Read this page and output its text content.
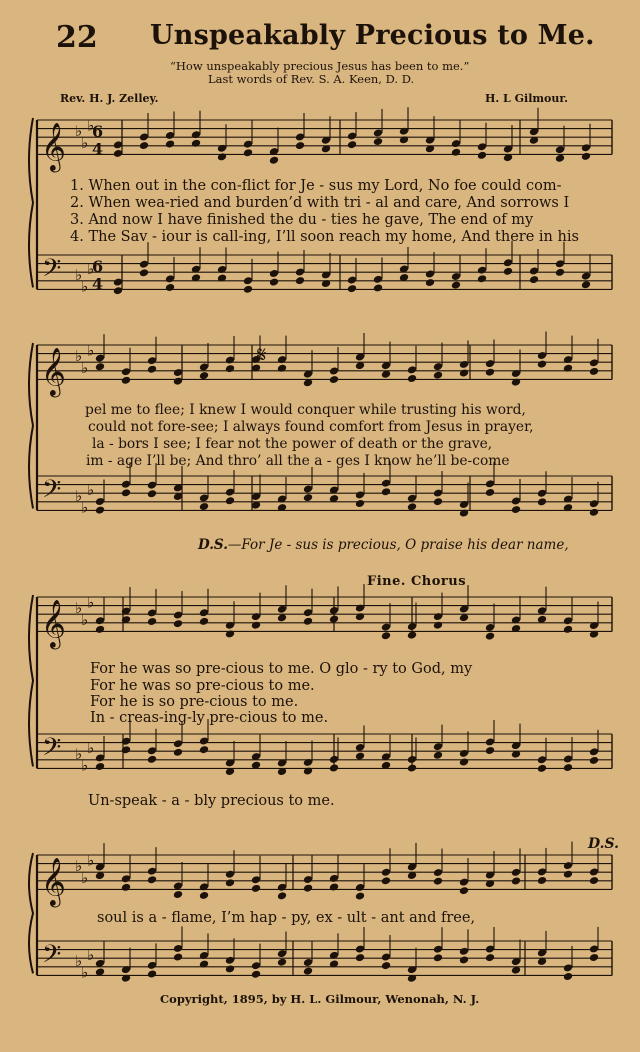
22 Unspeakably Precious to Me.
“How unspeakably precious Jesus has been to me.”
Last words of Rev. S. A. Keen, D. D.
Rev. H. J. Zelley.	H. L Gilmour.
𝄞
𝄢
♭
♭
♭
♭
♭
♭
6
4
6
4
𝄞
𝄢
♭
♭
♭
♭
♭
♭
𝄞
𝄢
♭
♭
♭
♭
♭
♭
𝄞
𝄢
♭
♭
♭
♭
♭
♭
𝄋
1. When out in the con-flict for Je - sus my Lord, No foe could com-
2. When wea-ried and burden’d with tri - al and care, And sorrows I
3. And now I have finished the du - ties he gave, The end of my
4. The Sav - iour is call-ing, I’ll soon reach my home, And there in his
pel me to flee; I knew I would conquer while trusting his word,
could not fore-see; I always found comfort from Jesus in prayer,
la - bors I see; I fear not the power of death or the grave,
im - age I’ll be; And thro’ all the a - ges I know he’ll be-come
D.S.—For Je - sus is precious, O praise his dear name,
Fine. Chorus
For he was so pre-cious to me. O glo - ry to God, my
For he was so pre-cious to me.
For he is so pre-cious to me.
In - creas-ing-ly pre-cious to me.
Un-speak - a - bly precious to me.
D.S.
soul is a - flame, I’m hap - py, ex - ult - ant and free,
Copyright, 1895, by H. L. Gilmour, Wenonah, N. J.
